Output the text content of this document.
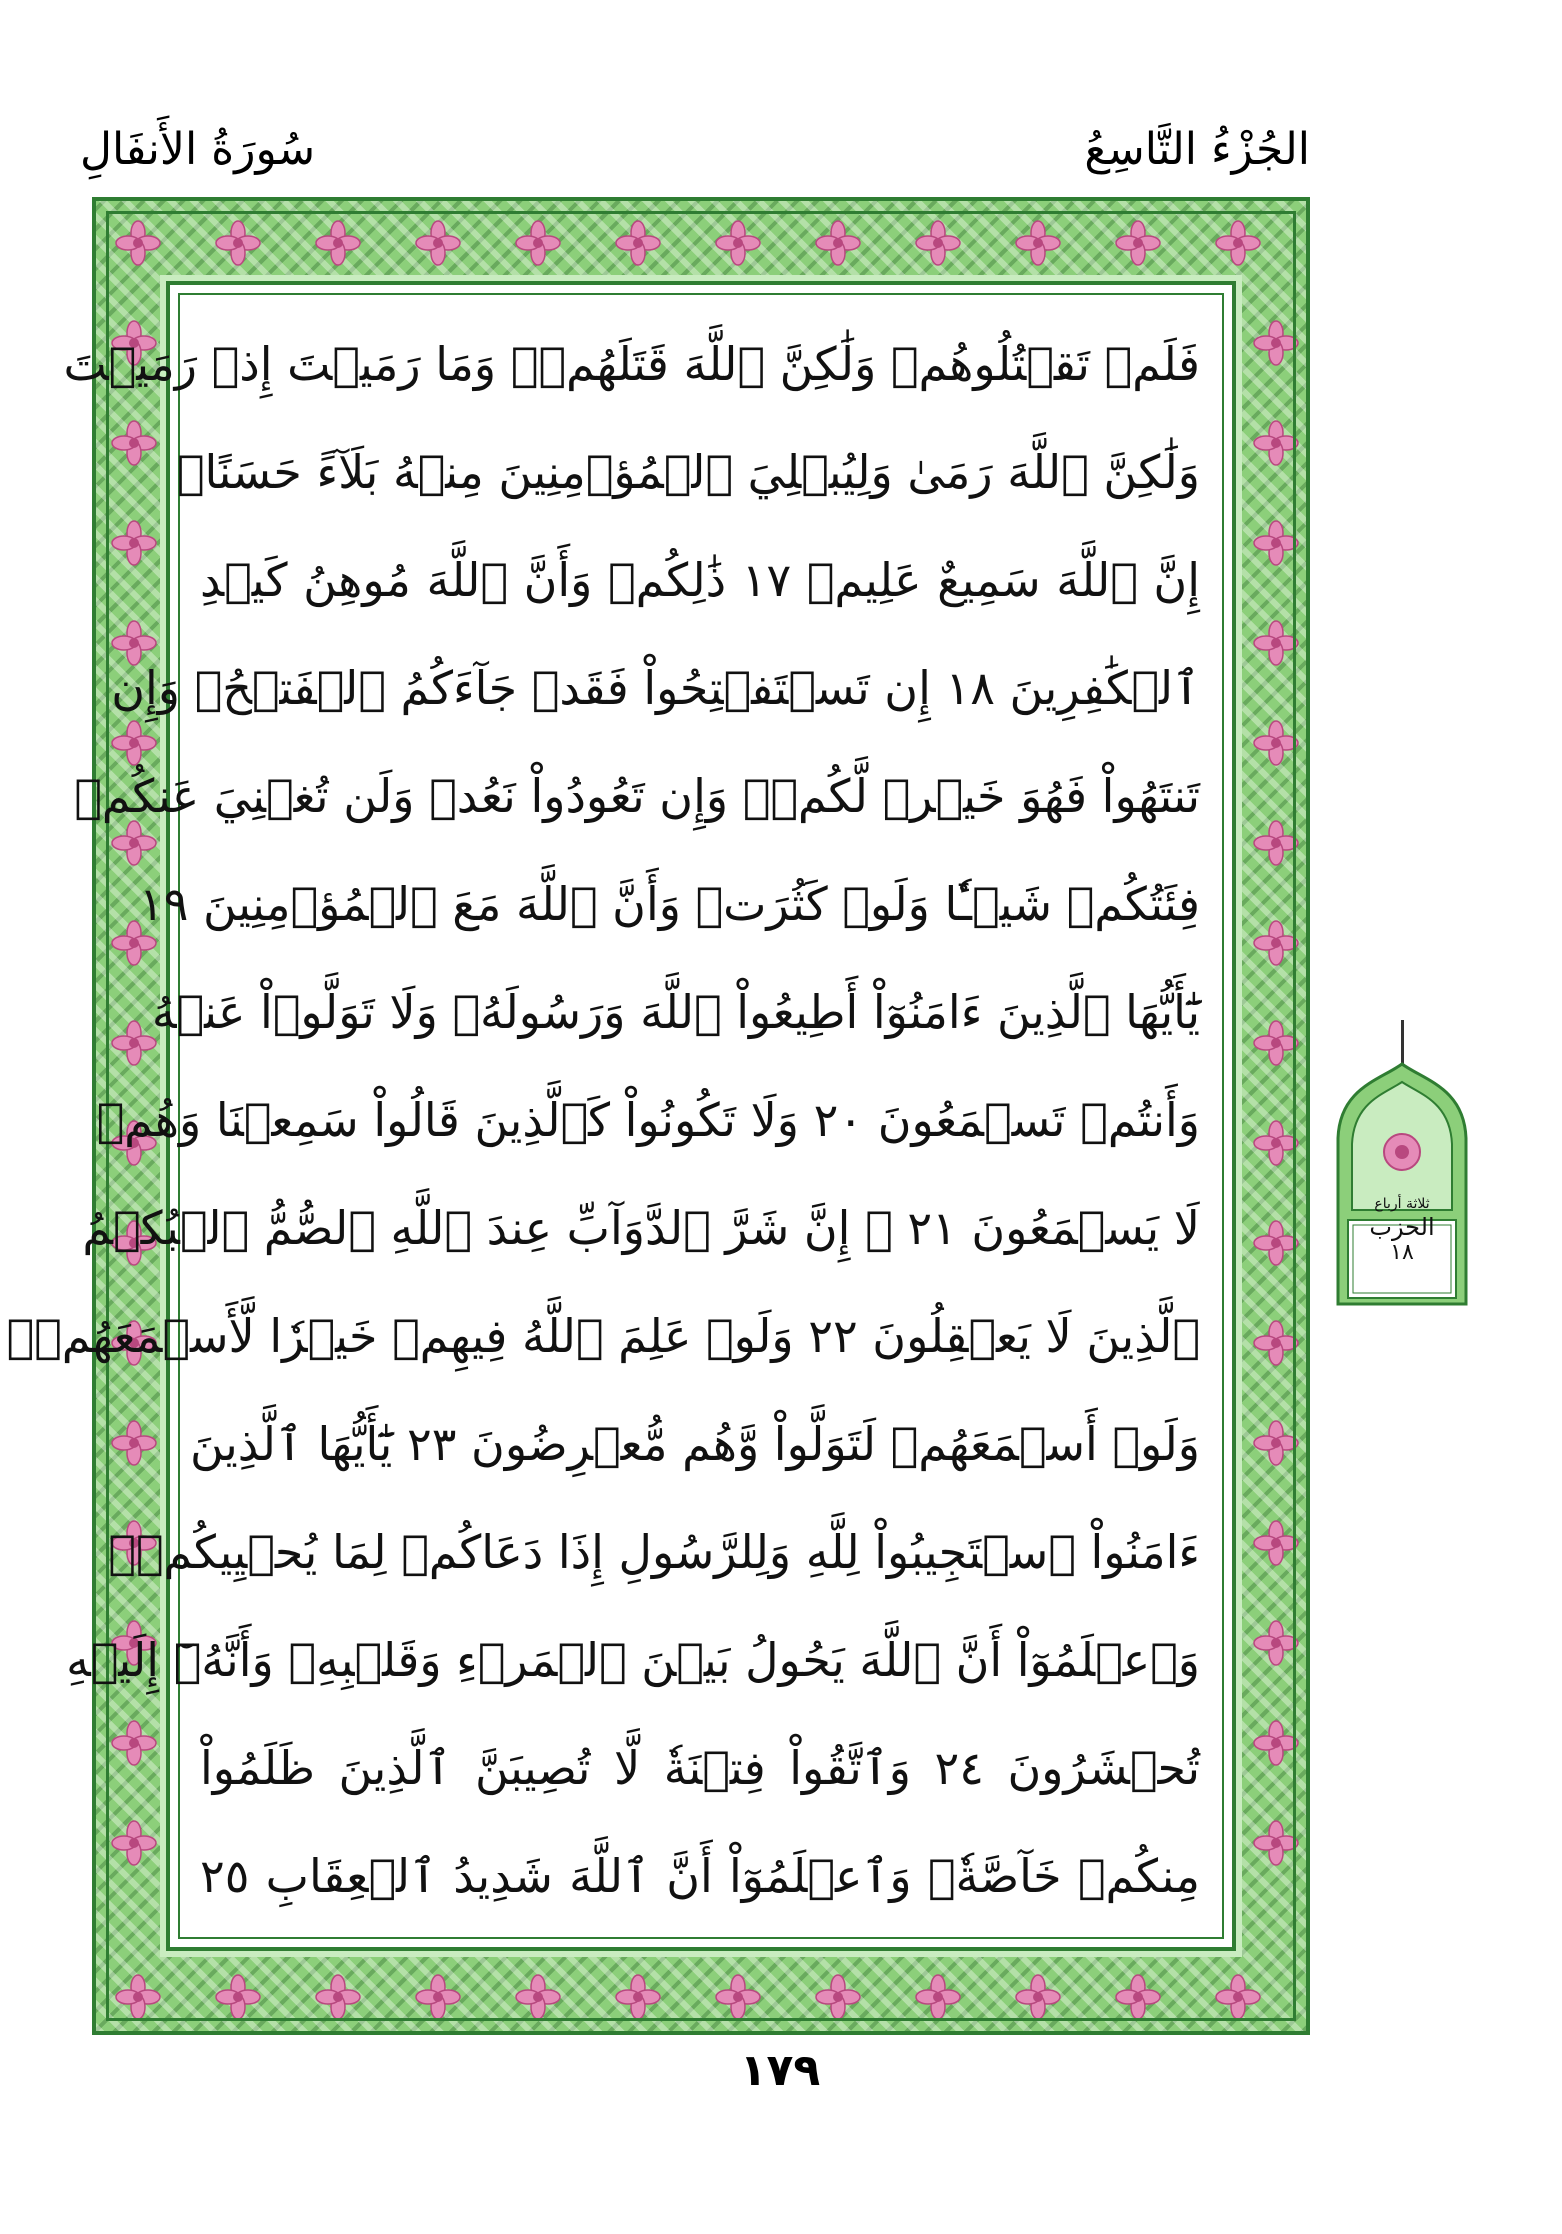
الجُزْءُ التَّاسِعُ
سُورَةُ الأَنفَالِ
فَلَمۡ تَقۡتُلُوهُمۡ وَلَٰكِنَّ ٱللَّهَ قَتَلَهُمۡۚ وَمَا رَمَيۡتَ إِذۡ رَمَيۡتَ
وَلَٰكِنَّ ٱللَّهَ رَمَىٰ وَلِيُبۡلِيَ ٱلۡمُؤۡمِنِينَ مِنۡهُ بَلَآءً حَسَنًاۚ
إِنَّ ٱللَّهَ سَمِيعٌ عَلِيمٞ ١٧ ذَٰلِكُمۡ وَأَنَّ ٱللَّهَ مُوهِنُ كَيۡدِ
ٱلۡكَٰفِرِينَ ١٨ إِن تَسۡتَفۡتِحُواْ فَقَدۡ جَآءَكُمُ ٱلۡفَتۡحُۖ وَإِن
تَنتَهُواْ فَهُوَ خَيۡرٞ لَّكُمۡۖ وَإِن تَعُودُواْ نَعُدۡ وَلَن تُغۡنِيَ عَنكُمۡ
فِئَتُكُمۡ شَيۡـٔٗا وَلَوۡ كَثُرَتۡ وَأَنَّ ٱللَّهَ مَعَ ٱلۡمُؤۡمِنِينَ ١٩
يَٰٓأَيُّهَا ٱلَّذِينَ ءَامَنُوٓاْ أَطِيعُواْ ٱللَّهَ وَرَسُولَهُۥ وَلَا تَوَلَّوۡاْ عَنۡهُ
وَأَنتُمۡ تَسۡمَعُونَ ٢٠ وَلَا تَكُونُواْ كَٱلَّذِينَ قَالُواْ سَمِعۡنَا وَهُمۡ
لَا يَسۡمَعُونَ ٢١ ۞ إِنَّ شَرَّ ٱلدَّوَآبِّ عِندَ ٱللَّهِ ٱلصُّمُّ ٱلۡبُكۡمُ
ٱلَّذِينَ لَا يَعۡقِلُونَ ٢٢ وَلَوۡ عَلِمَ ٱللَّهُ فِيهِمۡ خَيۡرٗا لَّأَسۡمَعَهُمۡۖ
وَلَوۡ أَسۡمَعَهُمۡ لَتَوَلَّواْ وَّهُم مُّعۡرِضُونَ ٢٣ يَٰٓأَيُّهَا ٱلَّذِينَ
ءَامَنُواْ ٱسۡتَجِيبُواْ لِلَّهِ وَلِلرَّسُولِ إِذَا دَعَاكُمۡ لِمَا يُحۡيِيكُمۡۖ
وَٱعۡلَمُوٓاْ أَنَّ ٱللَّهَ يَحُولُ بَيۡنَ ٱلۡمَرۡءِ وَقَلۡبِهِۦ وَأَنَّهُۥٓ إِلَيۡهِ
تُحۡشَرُونَ ٢٤ وَٱتَّقُواْ فِتۡنَةٗ لَّا تُصِيبَنَّ ٱلَّذِينَ ظَلَمُواْ
مِنكُمۡ خَآصَّةٗۖ وَٱعۡلَمُوٓاْ أَنَّ ٱللَّهَ شَدِيدُ ٱلۡعِقَابِ ٢٥
ثلاثة أرباع
الحزب
١٨
١٧٩
